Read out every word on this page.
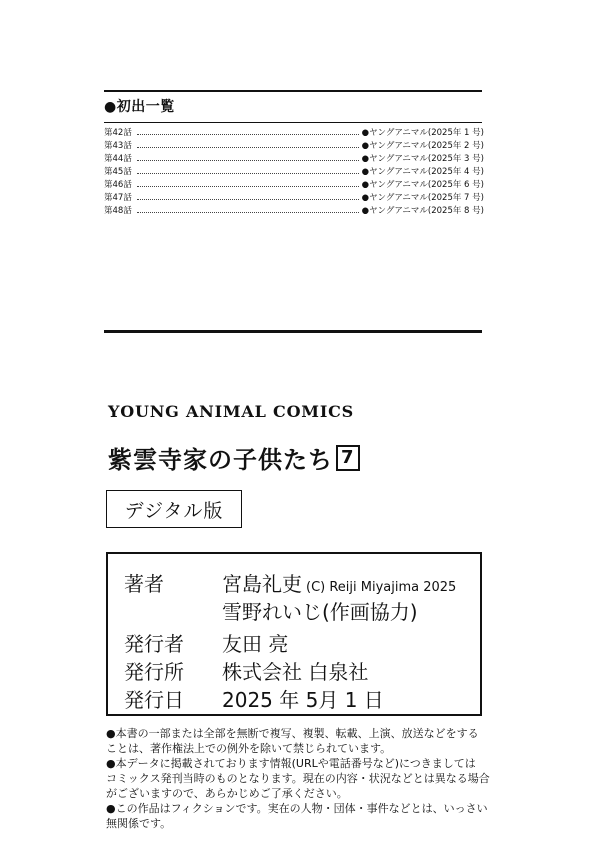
●初出一覧
第42話	●ヤングアニマル(2025年 1 号)
第43話	●ヤングアニマル(2025年 2 号)
第44話	●ヤングアニマル(2025年 3 号)
第45話	●ヤングアニマル(2025年 4 号)
第46話	●ヤングアニマル(2025年 6 号)
第47話	●ヤングアニマル(2025年 7 号)
第48話	●ヤングアニマル(2025年 8 号)
YOUNG ANIMAL COMICS
紫雲寺家の子供たち 7
デジタル版
著者	宮島礼吏 (C) Reiji Miyajima 2025
雪野れいじ(作画協力)
発行者 友田 亮
発行所 株式会社 白泉社
発行日 2025 年 5月 1 日
●本書の一部または全部を無断で複写、複製、転載、上演、放送などをする
ことは、著作権法上での例外を除いて禁じられています。
●本データに掲載されております情報(URLや電話番号など)につきましては
コミックス発刊当時のものとなります。現在の内容・状況などとは異なる場合
がございますので、あらかじめご了承ください。
●この作品はフィクションです。実在の人物・団体・事件などとは、いっさい
無関係です。
